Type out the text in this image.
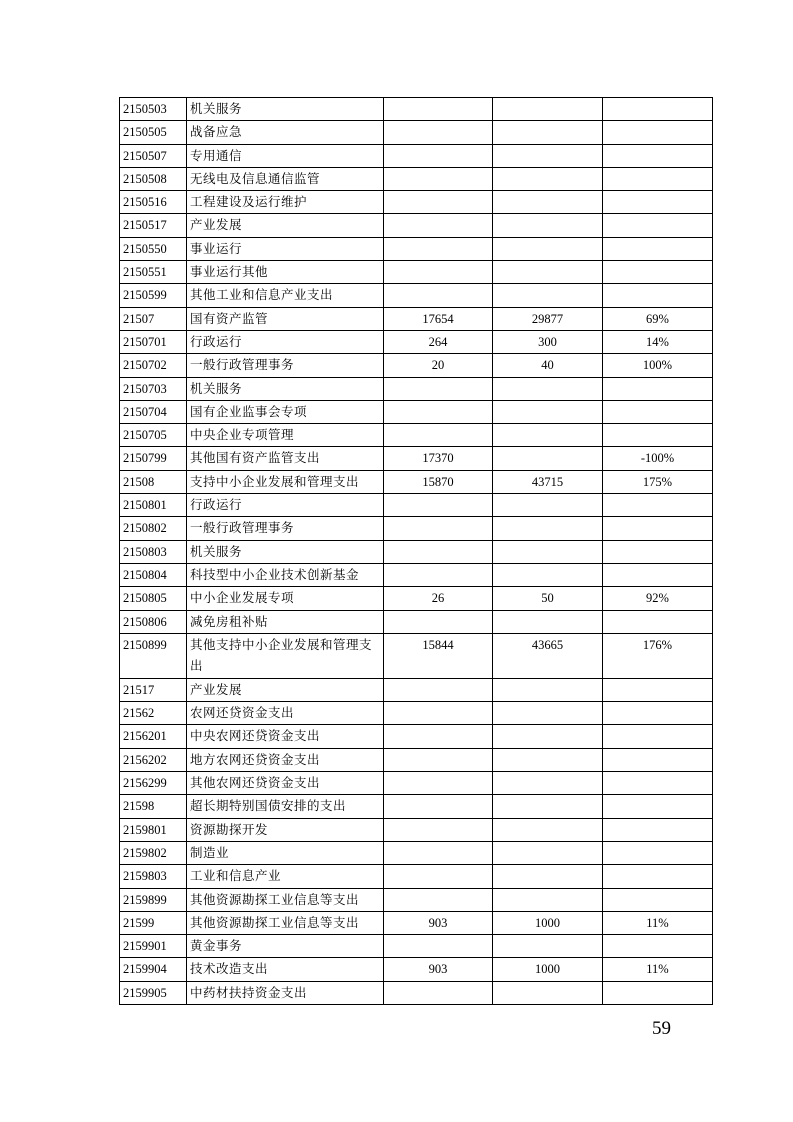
2150503	机关服务			
2150505	战备应急			
2150507	专用通信			
2150508	无线电及信息通信监管			
2150516	工程建设及运行维护			
2150517	产业发展			
2150550	事业运行			
2150551	事业运行其他			
2150599	其他工业和信息产业支出			
21507	国有资产监管	17654	29877	69%
2150701	行政运行	264	300	14%
2150702	一般行政管理事务	20	40	100%
2150703	机关服务			
2150704	国有企业监事会专项			
2150705	中央企业专项管理			
2150799	其他国有资产监管支出	17370		-100%
21508	支持中小企业发展和管理支出	15870	43715	175%
2150801	行政运行			
2150802	一般行政管理事务			
2150803	机关服务			
2150804	科技型中小企业技术创新基金			
2150805	中小企业发展专项	26	50	92%
2150806	减免房租补贴			
2150899	其他支持中小企业发展和管理支出	15844	43665	176%
21517	产业发展			
21562	农网还贷资金支出			
2156201	中央农网还贷资金支出			
2156202	地方农网还贷资金支出			
2156299	其他农网还贷资金支出			
21598	超长期特别国债安排的支出			
2159801	资源勘探开发			
2159802	制造业			
2159803	工业和信息产业			
2159899	其他资源勘探工业信息等支出			
21599	其他资源勘探工业信息等支出	903	1000	11%
2159901	黄金事务			
2159904	技术改造支出	903	1000	11%
2159905	中药材扶持资金支出			
59
